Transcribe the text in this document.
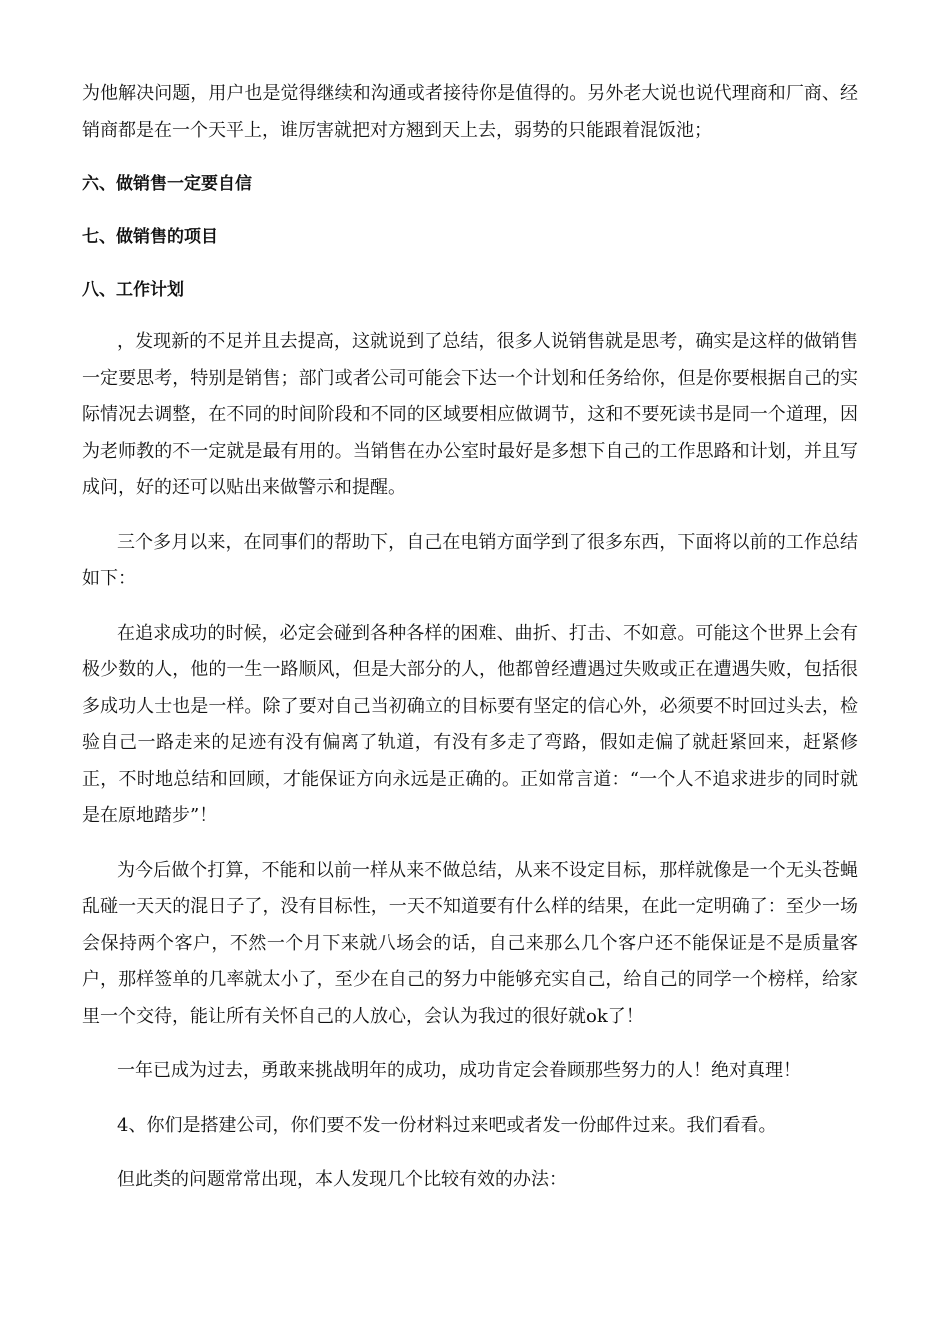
为他解决问题，用户也是觉得继续和沟通或者接待你是值得的。另外老大说也说代理商和厂商、经销商都是在一个天平上，谁厉害就把对方翘到天上去，弱势的只能跟着混饭池；

六、做销售一定要自信
七、做销售的项目
八、工作计划

，发现新的不足并且去提高，这就说到了总结，很多人说销售就是思考，确实是这样的做销售一定要思考，特别是销售；部门或者公司可能会下达一个计划和任务给你，但是你要根据自己的实际情况去调整，在不同的时间阶段和不同的区域要相应做调节，这和不要死读书是同一个道理，因为老师教的不一定就是最有用的。当销售在办公室时最好是多想下自己的工作思路和计划，并且写成问，好的还可以贴出来做警示和提醒。

三个多月以来，在同事们的帮助下，自己在电销方面学到了很多东西，下面将以前的工作总结如下：

在追求成功的时候，必定会碰到各种各样的困难、曲折、打击、不如意。可能这个世界上会有极少数的人，他的一生一路顺风，但是大部分的人，他都曾经遭遇过失败或正在遭遇失败，包括很多成功人士也是一样。除了要对自己当初确立的目标要有坚定的信心外，必须要不时回过头去，检验自己一路走来的足迹有没有偏离了轨道，有没有多走了弯路，假如走偏了就赶紧回来，赶紧修正，不时地总结和回顾，才能保证方向永远是正确的。正如常言道：“一个人不追求进步的同时就是在原地踏步”！

为今后做个打算，不能和以前一样从来不做总结，从来不设定目标，那样就像是一个无头苍蝇乱碰一天天的混日子了，没有目标性，一天不知道要有什么样的结果，在此一定明确了：至少一场会保持两个客户，不然一个月下来就八场会的话，自己来那么几个客户还不能保证是不是质量客户，那样签单的几率就太小了，至少在自己的努力中能够充实自己，给自己的同学一个榜样，给家里一个交待，能让所有关怀自己的人放心，会认为我过的很好就ok了！

一年已成为过去，勇敢来挑战明年的成功，成功肯定会眷顾那些努力的人！绝对真理！

4、你们是搭建公司，你们要不发一份材料过来吧或者发一份邮件过来。我们看看。

但此类的问题常常出现，本人发现几个比较有效的办法：
